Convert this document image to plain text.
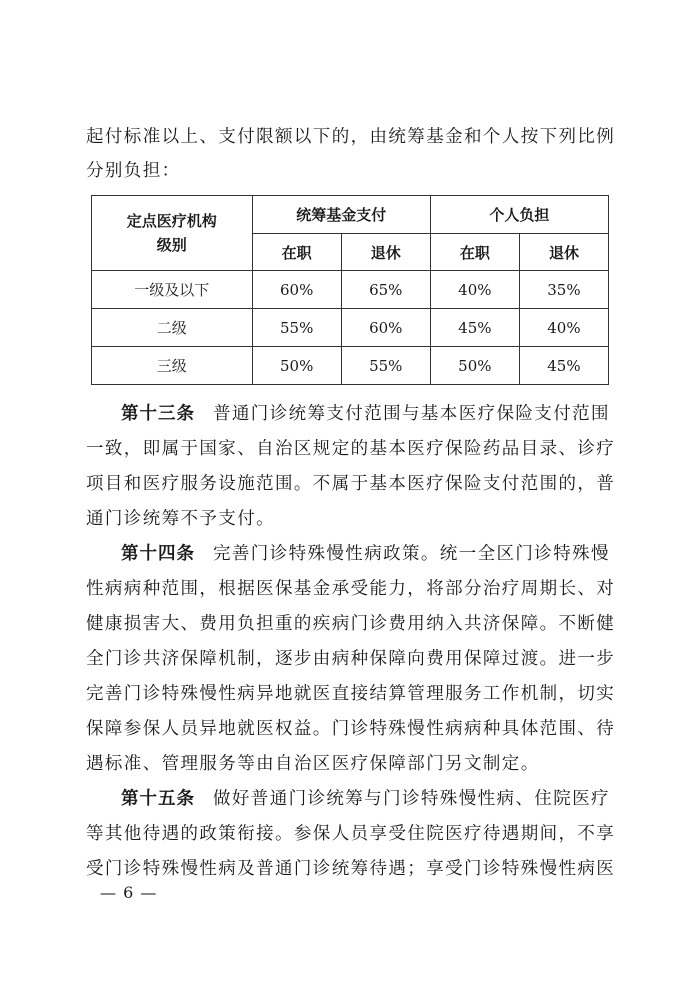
起付标准以上、支付限额以下的，由统筹基金和个人按下列比例
分别负担：
定点医疗机构
级别	统筹基金支付		个人负担	
	在职	退休	在职	退休
一级及以下	60%	65%	40%	35%
二级	55%	60%	45%	40%
三级	50%	55%	50%	45%
第十三条 普通门诊统筹支付范围与基本医疗保险支付范围
一致，即属于国家、自治区规定的基本医疗保险药品目录、诊疗
项目和医疗服务设施范围。不属于基本医疗保险支付范围的，普
通门诊统筹不予支付。
第十四条 完善门诊特殊慢性病政策。统一全区门诊特殊慢
性病病种范围，根据医保基金承受能力，将部分治疗周期长、对
健康损害大、费用负担重的疾病门诊费用纳入共济保障。不断健
全门诊共济保障机制，逐步由病种保障向费用保障过渡。进一步
完善门诊特殊慢性病异地就医直接结算管理服务工作机制，切实
保障参保人员异地就医权益。门诊特殊慢性病病种具体范围、待
遇标准、管理服务等由自治区医疗保障部门另文制定。
第十五条 做好普通门诊统筹与门诊特殊慢性病、住院医疗
等其他待遇的政策衔接。参保人员享受住院医疗待遇期间，不享
受门诊特殊慢性病及普通门诊统筹待遇；享受门诊特殊慢性病医
— 6 —
